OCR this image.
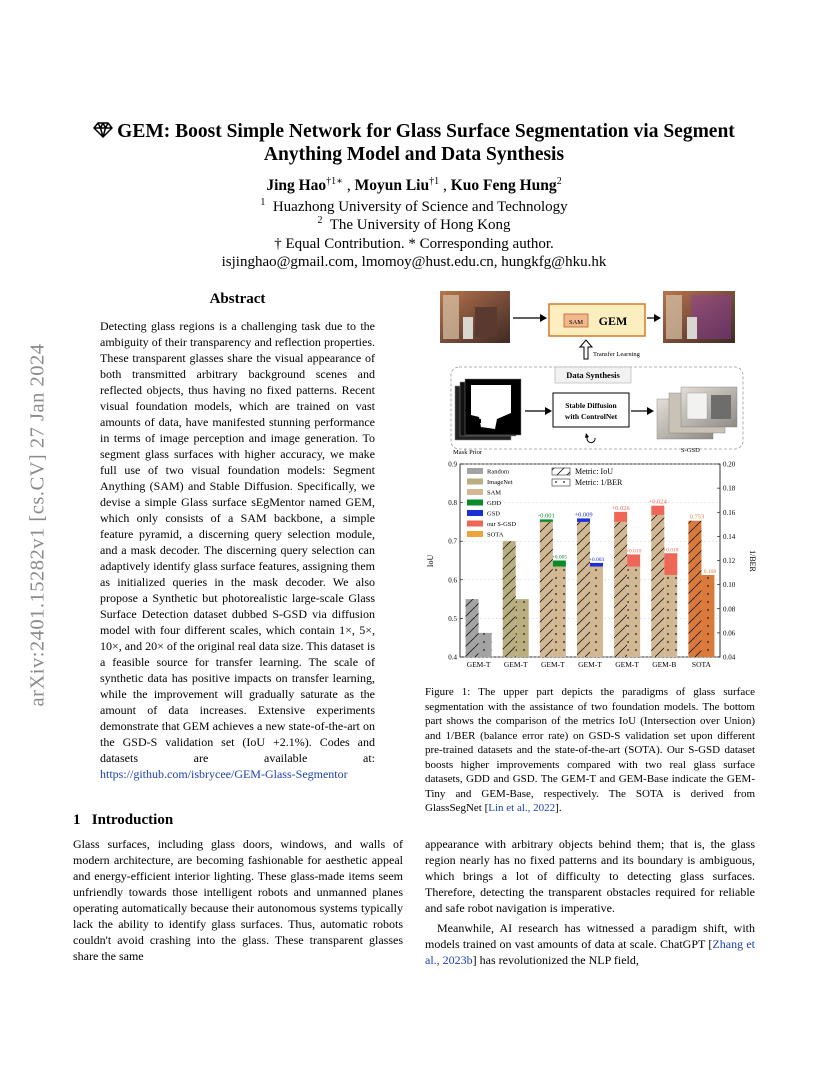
arXiv:2401.15282v1 [cs.CV] 27 Jan 2024
GEM: Boost Simple Network for Glass Surface Segmentation via Segment
Anything Model and Data Synthesis
Jing Hao$^{\dagger 1∗}$ , Moyun Liu$^{\dagger 1}$ , Kuo Feng Hung$^2$
$^1$ Huazhong University of Science and Technology
$^2$ The University of Hong Kong
† Equal Contribution. * Corresponding author.
isjinghao@gmail.com, lmomoy@hust.edu.cn, hungkfg@hku.hk
Abstract
Detecting glass regions is a challenging task due to the ambiguity of their transparency and reflection properties. These transparent glasses share the visual appearance of both transmitted arbitrary background scenes and reflected objects, thus having no fixed patterns. Recent visual foundation models, which are trained on vast amounts of data, have manifested stunning performance in terms of image perception and image generation. To segment glass surfaces with higher accuracy, we make full use of two visual foundation models: Segment Anything (SAM) and Stable Diffusion. Specifically, we devise a simple Glass surface sEgMentor named GEM, which only consists of a SAM backbone, a simple feature pyramid, a discerning query selection module, and a mask decoder. The discerning query selection can adaptively identify glass surface features, assigning them as initialized queries in the mask decoder. We also propose a Synthetic but photorealistic large-scale Glass Surface Detection dataset dubbed S-GSD via diffusion model with four different scales, which contain 1×, 5×, 10×, and 20× of the original real data size. This dataset is a feasible source for transfer learning. The scale of synthetic data has positive impacts on transfer learning, while the improvement will gradually saturate as the amount of data increases. Extensive experiments demonstrate that GEM achieves a new state-of-the-art on the GSD-S validation set (IoU +2.1%). Codes and datasets are available at: https://github.com/isbrycee/GEM-Glass-Segmentor
1 Introduction
Glass surfaces, including glass doors, windows, and walls of modern architecture, are becoming fashionable for aesthetic appeal and energy-efficient interior lighting. These glass-made items seem unfriendly towards those intelligent robots and unmanned planes operating automatically because their autonomous systems typically lack the ability to identify glass surfaces. Thus, automatic robots couldn't avoid crashing into the glass. These transparent glasses share the same

appearance with arbitrary objects behind them; that is, the glass region nearly has no fixed patterns and its boundary is ambiguous, which brings a lot of difficulty to detecting glass surfaces. Therefore, detecting the transparent obstacles required for reliable and safe robot navigation is imperative.

Meanwhile, AI research has witnessed a paradigm shift, with models trained on vast amounts of data at scale. ChatGPT [Zhang et al., 2023b] has revolutionized the NLP field,

SAM GEM
Transfer Learning
Data Synthesis
Mask Prior
Stable Diffusion
with ControlNet
S-GSD
0.4
0.5
0.6
0.7
0.8
0.9
0.04
0.06
0.08
0.10
0.12
0.14
0.16
0.18
0.20
-0.001
+0.005
+0.009
+0.003
+0.026
+0.010
+0.024
+0.018
0.753
0.108
GEM-T GEM-T GEM-T GEM-T GEM-T GEM-B SOTA
IoU	1/BER
Random
ImageNet
SAM
GDD
GSD
our S-GSD
SOTA
Metric: IoU
Metric: 1/BER
Figure 1: The upper part depicts the paradigms of glass surface segmentation with the assistance of two foundation models. The bottom part shows the comparison of the metrics IoU (Intersection over Union) and 1/BER (balance error rate) on GSD-S validation set upon different pre-trained datasets and the state-of-the-art (SOTA). Our S-GSD dataset boosts higher improvements compared with two real glass surface datasets, GDD and GSD. The GEM-T and GEM-Base indicate the GEM-Tiny and GEM-Base, respectively. The SOTA is derived from GlassSegNet [Lin et al., 2022].
